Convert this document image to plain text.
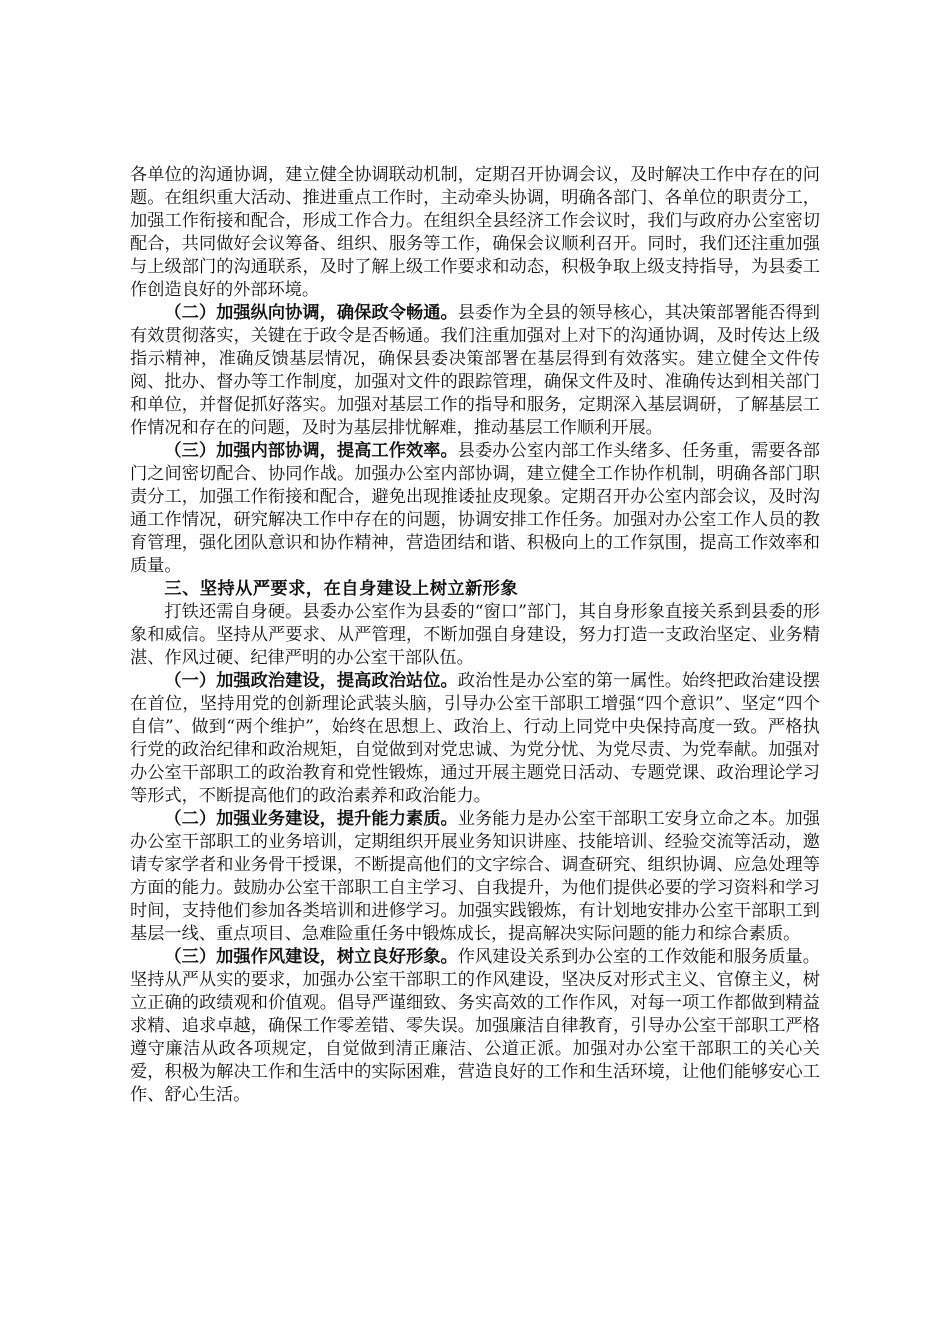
各单位的沟通协调，建立健全协调联动机制，定期召开协调会议，及时解决工作中存在的问题。在组织重大活动、推进重点工作时，主动牵头协调，明确各部门、各单位的职责分工，加强工作衔接和配合，形成工作合力。在组织全县经济工作会议时，我们与政府办公室密切配合，共同做好会议筹备、组织、服务等工作，确保会议顺利召开。同时，我们还注重加强与上级部门的沟通联系，及时了解上级工作要求和动态，积极争取上级支持指导，为县委工作创造良好的外部环境。

（二）加强纵向协调，确保政令畅通。县委作为全县的领导核心，其决策部署能否得到有效贯彻落实，关键在于政令是否畅通。我们注重加强对上对下的沟通协调，及时传达上级指示精神，准确反馈基层情况，确保县委决策部署在基层得到有效落实。建立健全文件传阅、批办、督办等工作制度，加强对文件的跟踪管理，确保文件及时、准确传达到相关部门和单位，并督促抓好落实。加强对基层工作的指导和服务，定期深入基层调研，了解基层工作情况和存在的问题，及时为基层排忧解难，推动基层工作顺利开展。

（三）加强内部协调，提高工作效率。县委办公室内部工作头绪多、任务重，需要各部门之间密切配合、协同作战。加强办公室内部协调，建立健全工作协作机制，明确各部门职责分工，加强工作衔接和配合，避免出现推诿扯皮现象。定期召开办公室内部会议，及时沟通工作情况，研究解决工作中存在的问题，协调安排工作任务。加强对办公室工作人员的教育管理，强化团队意识和协作精神，营造团结和谐、积极向上的工作氛围，提高工作效率和质量。

三、坚持从严要求，在自身建设上树立新形象

打铁还需自身硬。县委办公室作为县委的“窗口”部门，其自身形象直接关系到县委的形象和威信。坚持从严要求、从严管理，不断加强自身建设，努力打造一支政治坚定、业务精湛、作风过硬、纪律严明的办公室干部队伍。

（一）加强政治建设，提高政治站位。政治性是办公室的第一属性。始终把政治建设摆在首位，坚持用党的创新理论武装头脑，引导办公室干部职工增强“四个意识”、坚定“四个自信”、做到“两个维护”，始终在思想上、政治上、行动上同党中央保持高度一致。严格执行党的政治纪律和政治规矩，自觉做到对党忠诚、为党分忧、为党尽责、为党奉献。加强对办公室干部职工的政治教育和党性锻炼，通过开展主题党日活动、专题党课、政治理论学习等形式，不断提高他们的政治素养和政治能力。

（二）加强业务建设，提升能力素质。业务能力是办公室干部职工安身立命之本。加强办公室干部职工的业务培训，定期组织开展业务知识讲座、技能培训、经验交流等活动，邀请专家学者和业务骨干授课，不断提高他们的文字综合、调查研究、组织协调、应急处理等方面的能力。鼓励办公室干部职工自主学习、自我提升，为他们提供必要的学习资料和学习时间，支持他们参加各类培训和进修学习。加强实践锻炼，有计划地安排办公室干部职工到基层一线、重点项目、急难险重任务中锻炼成长，提高解决实际问题的能力和综合素质。

（三）加强作风建设，树立良好形象。作风建设关系到办公室的工作效能和服务质量。坚持从严从实的要求，加强办公室干部职工的作风建设，坚决反对形式主义、官僚主义，树立正确的政绩观和价值观。倡导严谨细致、务实高效的工作作风，对每一项工作都做到精益求精、追求卓越，确保工作零差错、零失误。加强廉洁自律教育，引导办公室干部职工严格遵守廉洁从政各项规定，自觉做到清正廉洁、公道正派。加强对办公室干部职工的关心关爱，积极为解决工作和生活中的实际困难，营造良好的工作和生活环境，让他们能够安心工作、舒心生活。
